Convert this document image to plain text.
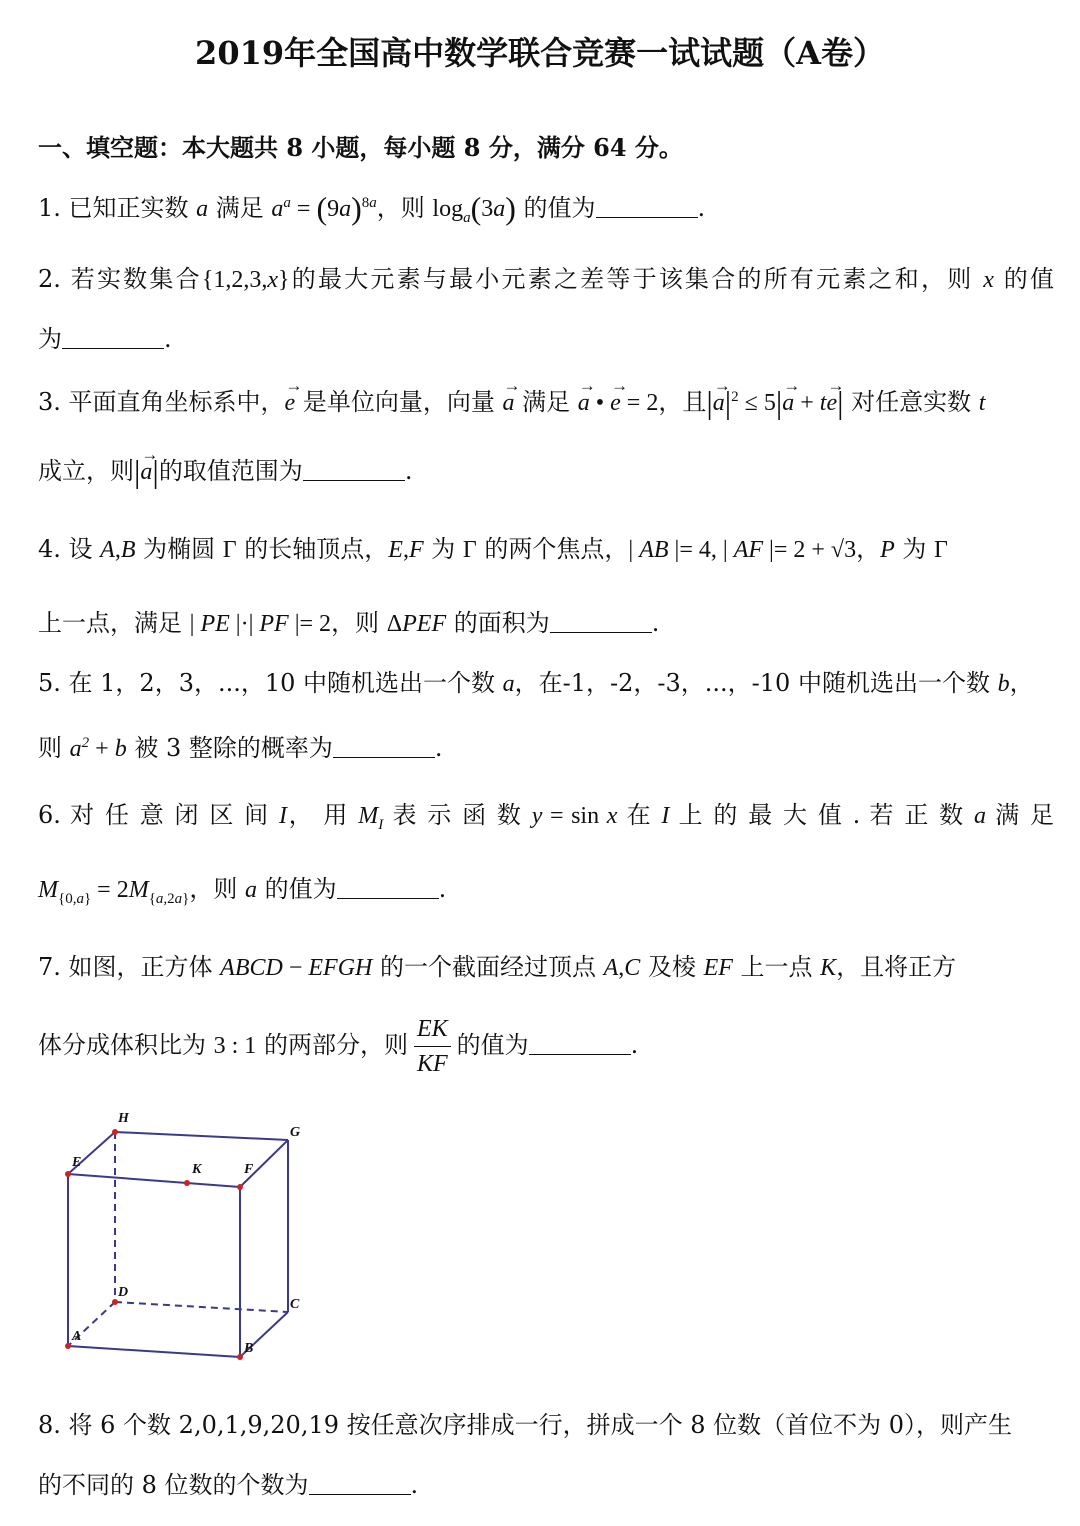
2019年全国高中数学联合竞赛一试试题（A卷）
一、填空题：本大题共 8 小题，每小题 8 分，满分 64 分。
1. 已知正实数 a 满足 $a^a = (9a)^{8a}$，则 $\log_a(3a)$ 的值为	.
2. 若实数集合{1,2,3,x}的最大元素与最小元素之差等于该集合的所有元素之和，则 x 的值
为	.
3. 平面直角坐标系中，→ e 是单位向量，向量 → a 满足 → a • → e = 2，且|→ $a|^2 \le 5|\to a + t\to e|$ 对任意实数 t
成立，则|→ a|的取值范围为	.
4. 设 A,B 为椭圆 Γ 的长轴顶点，E,F 为 Γ 的两个焦点，| AB |= 4, | AF |= 2 + √3，P 为 Γ
上一点，满足 | PE |·| PF |= 2，则 ΔPEF 的面积为	.
5. 在 1，2，3，...，10 中随机选出一个数 a，在-1，-2，-3，...，-10 中随机选出一个数 b，
则 $a^2 + b$ 被 3 整除的概率为	.
6. 对 任 意 闭 区 间 I， 用 $M_I$ 表 示 函 数 y = sin x 在 I 上 的 最 大 值 . 若 正 数 a 满 足
$M_{\{0,a\}} = 2M_{\{a,2a\}}$，则 a 的值为	.
7. 如图，正方体 ABCD − EFGH 的一个截面经过顶点 A,C 及棱 EF 上一点 K，且将正方
体分成体积比为 3 : 1 的两部分，则 $\frac{EK}{KF}$ 的值为	.
H
G
E	K	F
D
C
A
B
8. 将 6 个数 2,0,1,9,20,19 按任意次序排成一行，拼成一个 8 位数（首位不为 0），则产生
的不同的 8 位数的个数为	.
